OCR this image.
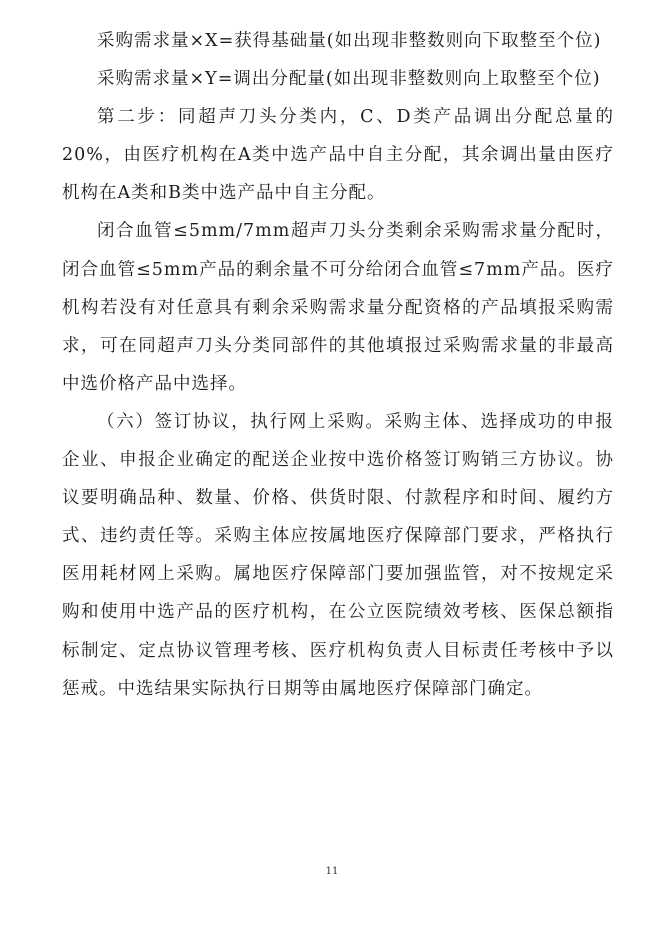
采购需求量×X=获得基础量(如出现非整数则向下取整至个位)

采购需求量×Y=调出分配量(如出现非整数则向上取整至个位)

第二步：同超声刀头分类内，C、D类产品调出分配总量的20%，由医疗机构在A类中选产品中自主分配，其余调出量由医疗机构在A类和B类中选产品中自主分配。

闭合血管≤5mm/7mm超声刀头分类剩余采购需求量分配时，闭合血管≤5mm产品的剩余量不可分给闭合血管≤7mm产品。医疗机构若没有对任意具有剩余采购需求量分配资格的产品填报采购需求，可在同超声刀头分类同部件的其他填报过采购需求量的非最高中选价格产品中选择。

（六）签订协议，执行网上采购。采购主体、选择成功的申报企业、申报企业确定的配送企业按中选价格签订购销三方协议。协议要明确品种、数量、价格、供货时限、付款程序和时间、履约方式、违约责任等。采购主体应按属地医疗保障部门要求，严格执行医用耗材网上采购。属地医疗保障部门要加强监管，对不按规定采购和使用中选产品的医疗机构，在公立医院绩效考核、医保总额指标制定、定点协议管理考核、医疗机构负责人目标责任考核中予以惩戒。中选结果实际执行日期等由属地医疗保障部门确定。

11
